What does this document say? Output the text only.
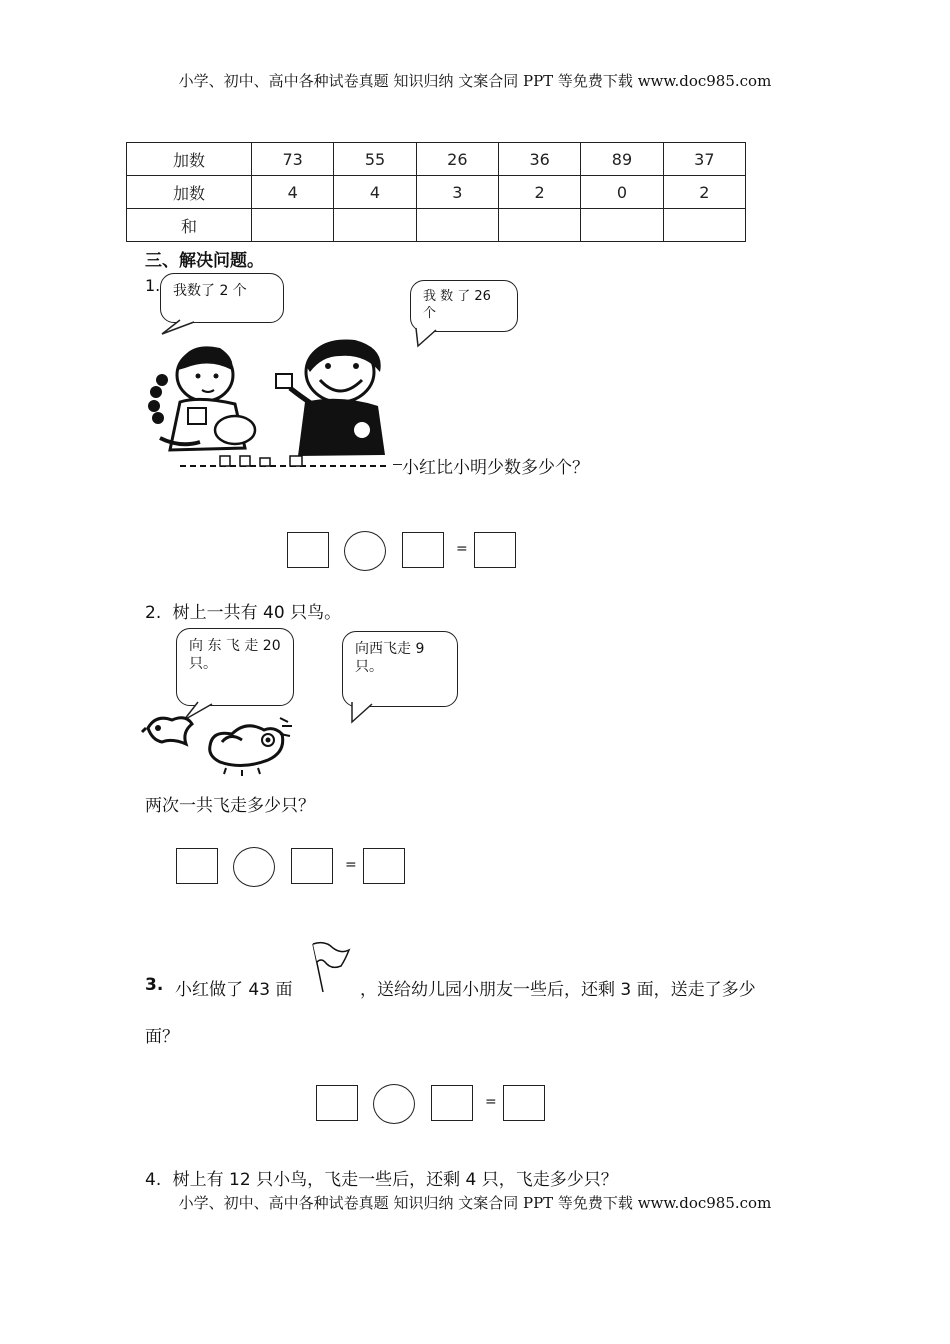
小学、初中、高中各种试卷真题 知识归纳 文案合同 PPT 等免费下载 www.doc985.com
加数	73	55	26	36	89	37
加数	4	4	3	2	0	2
和						
三、解决问题。
1. 我数了 2 个	我 数 了 26 个
小红比小明少数多少个？
=
2. 树上一共有 40 只鸟。
向 东 飞 走 20 只。
向西飞走 9 只。
两次一共飞走多少只？
=
3. 小红做了 43 面	，送给幼儿园小朋友一些后，还剩 3 面，送走了多少
面？
=
4. 树上有 12 只小鸟，飞走一些后，还剩 4 只，飞走多少只？
小学、初中、高中各种试卷真题 知识归纳 文案合同 PPT 等免费下载 www.doc985.com
